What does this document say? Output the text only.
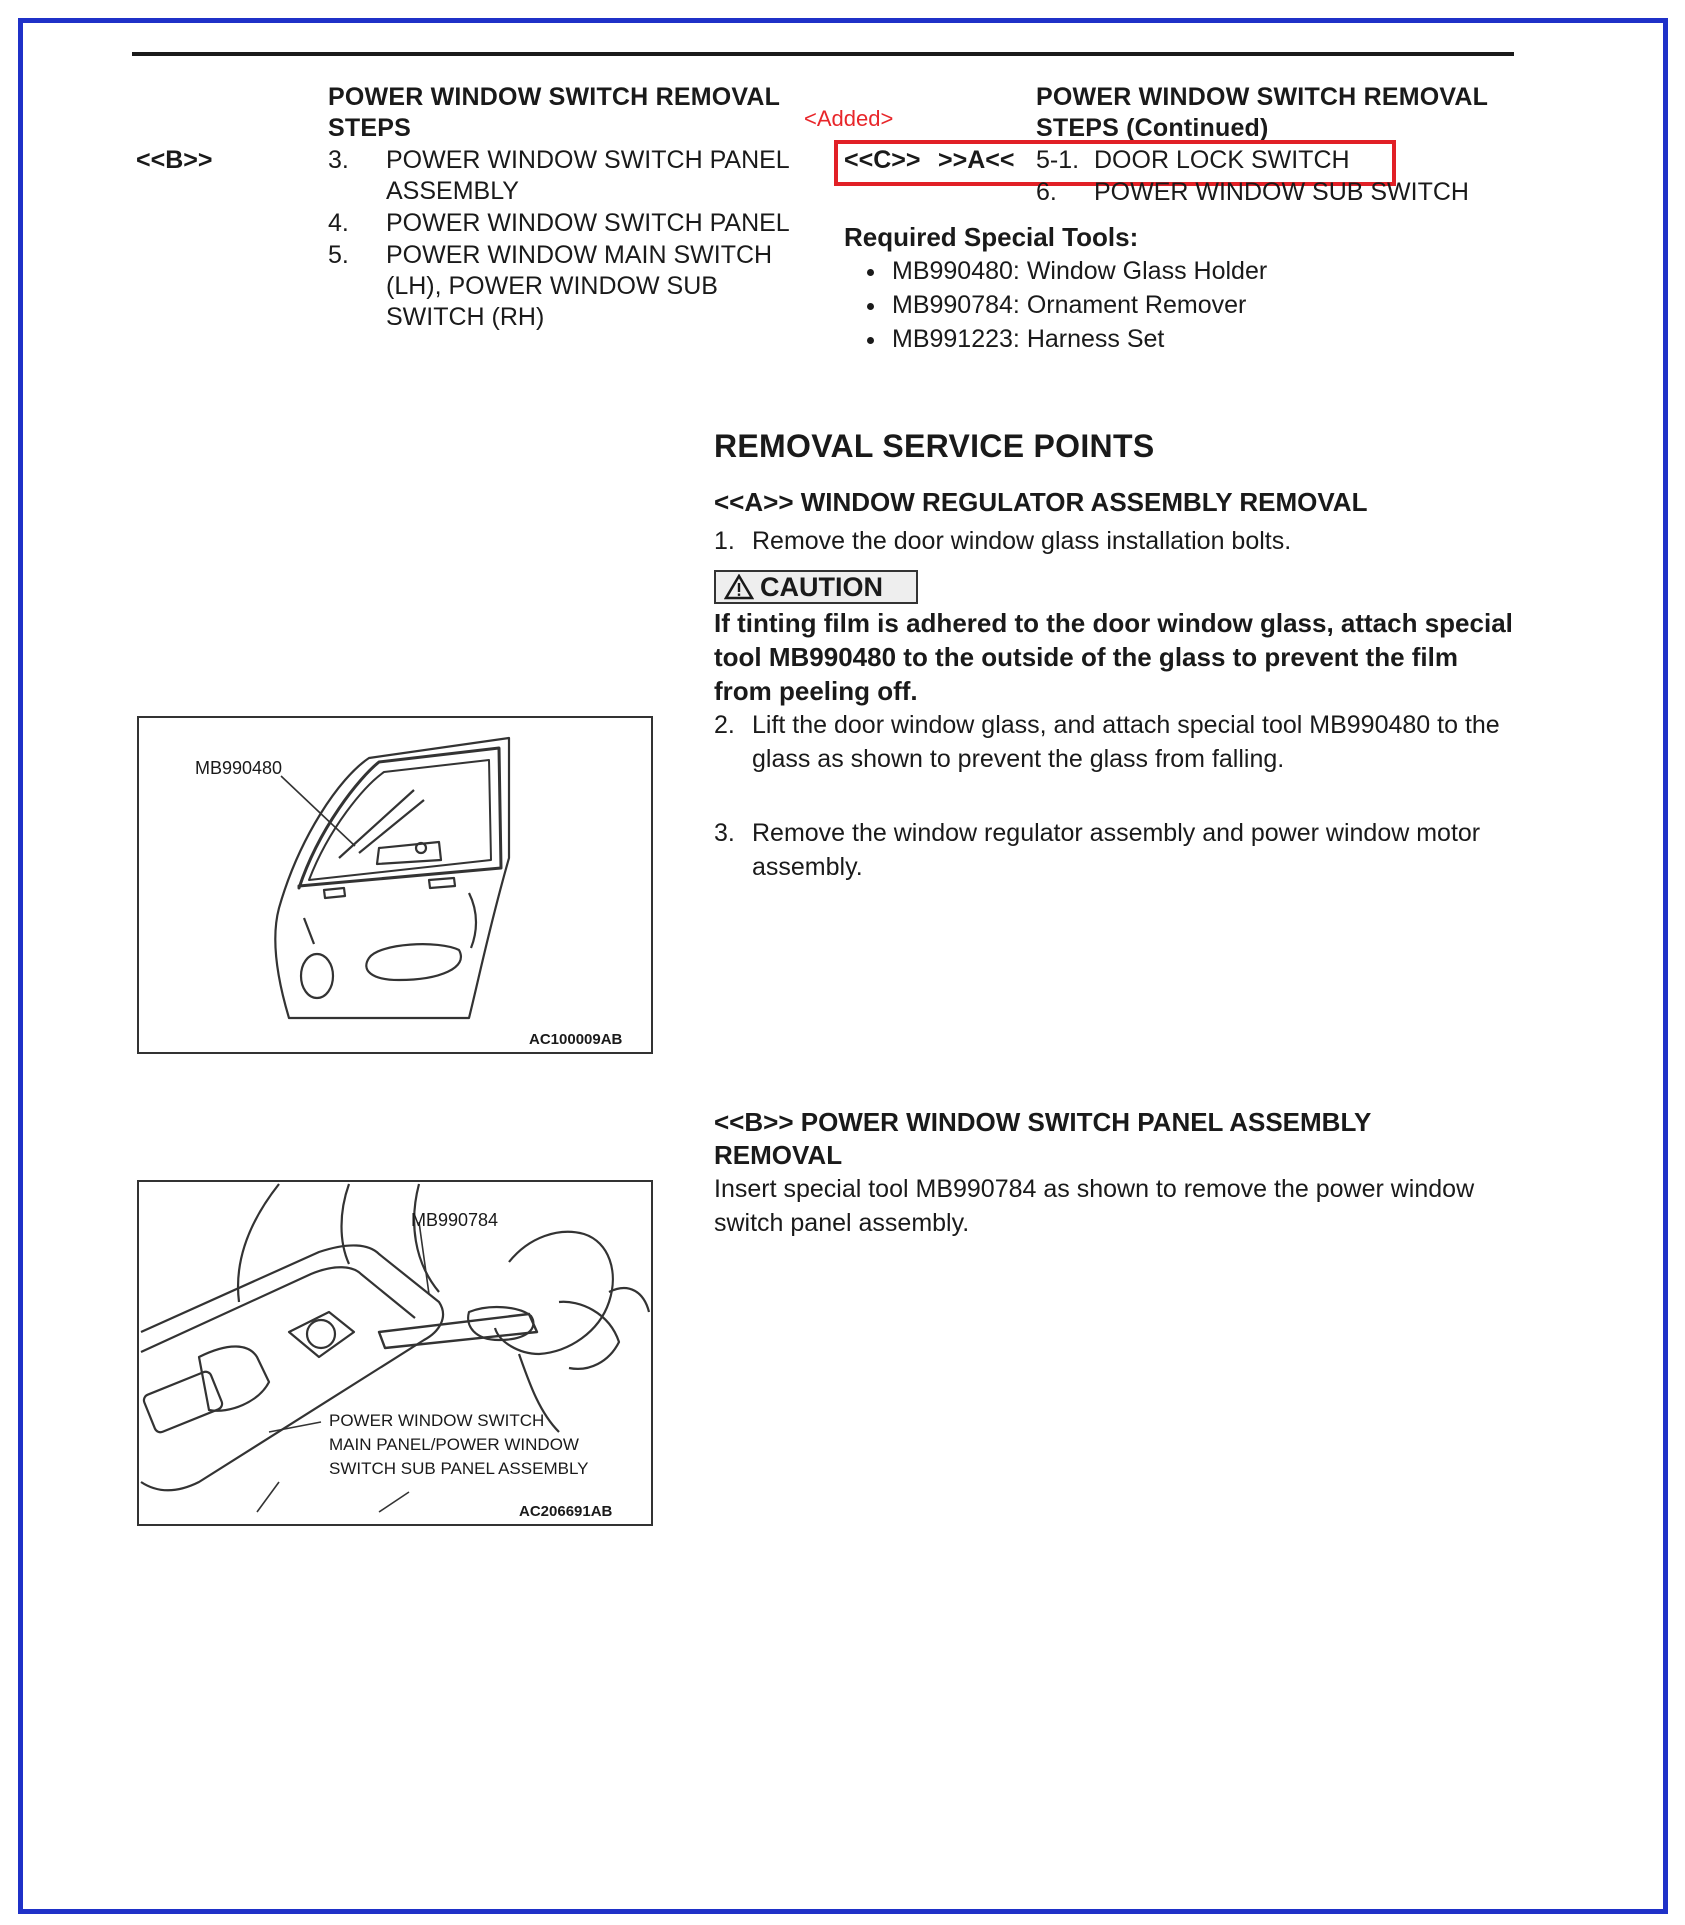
POWER WINDOW SWITCH REMOVAL STEPS
<<B>>	3.	POWER WINDOW SWITCH PANEL ASSEMBLY
4.	POWER WINDOW SWITCH PANEL
5.	POWER WINDOW MAIN SWITCH (LH), POWER WINDOW SUB SWITCH (RH)
<Added>
POWER WINDOW SWITCH REMOVAL STEPS (Continued)
<<C>> >>A<< 5-1. DOOR LOCK SWITCH
6. POWER WINDOW SUB SWITCH
Required Special Tools:
• MB990480: Window Glass Holder
• MB990784: Ornament Remover
• MB991223: Harness Set
REMOVAL SERVICE POINTS
<<A>> WINDOW REGULATOR ASSEMBLY REMOVAL
1. Remove the door window glass installation bolts.
CAUTION
If tinting film is adhered to the door window glass, attach special tool MB990480 to the outside of the glass to prevent the film from peeling off.
2. Lift the door window glass, and attach special tool MB990480 to the glass as shown to prevent the glass from falling.
3. Remove the window regulator assembly and power window motor assembly.
<<B>> POWER WINDOW SWITCH PANEL ASSEMBLY REMOVAL
Insert special tool MB990784 as shown to remove the power window switch panel assembly.
MB990480
AC100009AB
MB990784
POWER WINDOW SWITCH
MAIN PANEL/POWER WINDOW
SWITCH SUB PANEL ASSEMBLY
AC206691AB
